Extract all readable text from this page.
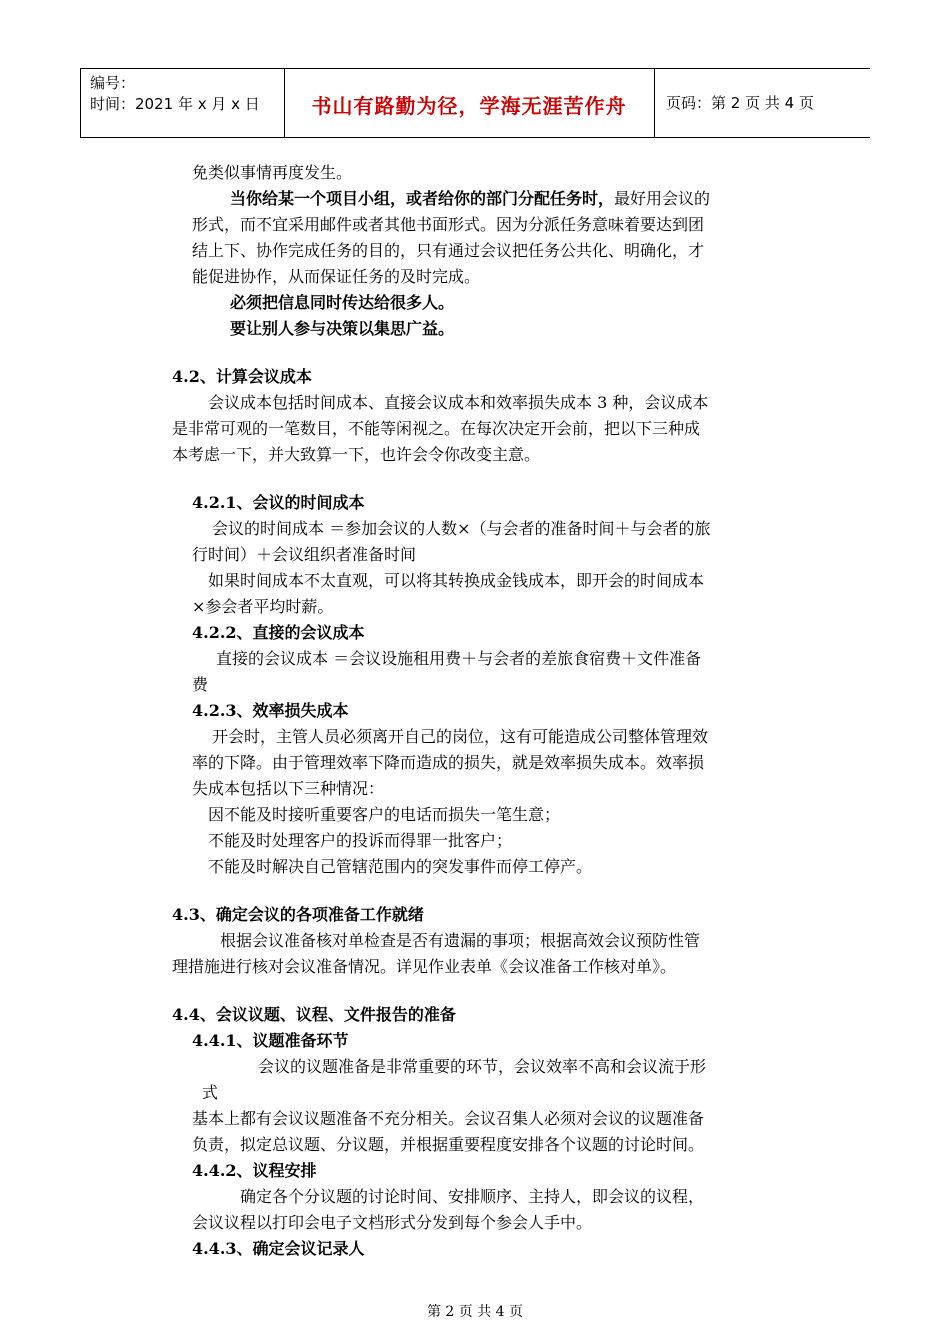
编号：
时间：2021 年 x 月 x 日	书山有路勤为径，学海无涯苦作舟	页码：第 2 页 共 4 页

免类似事情再度发生。

当你给某一个项目小组，或者给你的部门分配任务时，最好用会议的

形式，而不宜采用邮件或者其他书面形式。因为分派任务意味着要达到团

结上下、协作完成任务的目的，只有通过会议把任务公共化、明确化，才

能促进协作，从而保证任务的及时完成。

必须把信息同时传达给很多人。

要让别人参与决策以集思广益。

4.2、计算会议成本

会议成本包括时间成本、直接会议成本和效率损失成本 3 种，会议成本

是非常可观的一笔数目，不能等闲视之。在每次决定开会前，把以下三种成

本考虑一下，并大致算一下，也许会令你改变主意。

4.2.1、会议的时间成本

会议的时间成本 ＝参加会议的人数×（与会者的准备时间＋与会者的旅

行时间）＋会议组织者准备时间

如果时间成本不太直观，可以将其转换成金钱成本，即开会的时间成本

×参会者平均时薪。

4.2.2、直接的会议成本

直接的会议成本 ＝会议设施租用费＋与会者的差旅食宿费＋文件准备

费

4.2.3、效率损失成本

开会时，主管人员必须离开自己的岗位，这有可能造成公司整体管理效

率的下降。由于管理效率下降而造成的损失，就是效率损失成本。效率损

失成本包括以下三种情况：

因不能及时接听重要客户的电话而损失一笔生意；

不能及时处理客户的投诉而得罪一批客户；

不能及时解决自己管辖范围内的突发事件而停工停产。

4.3、确定会议的各项准备工作就绪

根据会议准备核对单检查是否有遗漏的事项；根据高效会议预防性管

理措施进行核对会议准备情况。详见作业表单《会议准备工作核对单》。

4.4、会议议题、议程、文件报告的准备

4.4.1、议题准备环节

会议的议题准备是非常重要的环节，会议效率不高和会议流于形

式

基本上都有会议议题准备不充分相关。会议召集人必须对会议的议题准备

负责，拟定总议题、分议题，并根据重要程度安排各个议题的讨论时间。

4.4.2、议程安排

确定各个分议题的讨论时间、安排顺序、主持人，即会议的议程，

会议议程以打印会电子文档形式分发到每个参会人手中。

4.4.3、确定会议记录人

第 2 页 共 4 页
